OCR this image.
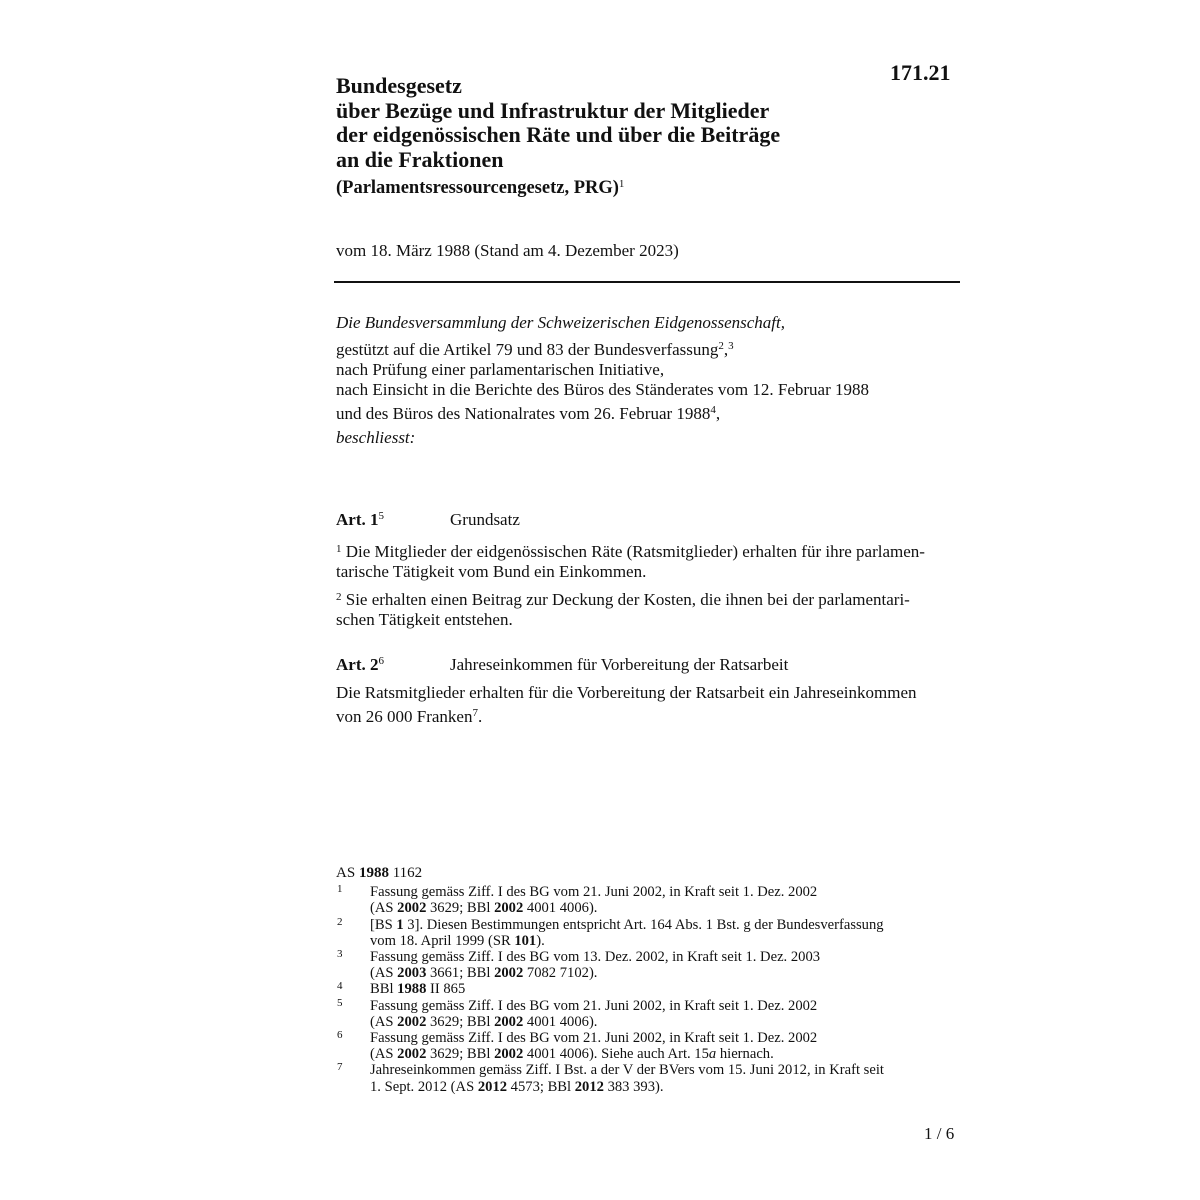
171.21
Bundesgesetz
über Bezüge und Infrastruktur der Mitglieder
der eidgenössischen Räte und über die Beiträge
an die Fraktionen
(Parlamentsressourcengesetz, PRG)$^1$
vom 18. März 1988 (Stand am 4. Dezember 2023)
Die Bundesversammlung der Schweizerischen Eidgenossenschaft,
gestützt auf die Artikel 79 und 83 der Bundesverfassung$^2$,$^3$
nach Prüfung einer parlamentarischen Initiative,
nach Einsicht in die Berichte des Büros des Ständerates vom 12. Februar 1988
und des Büros des Nationalrates vom 26. Februar 1988$^4$,
beschliesst:
Art. $1^5$	Grundsatz
$^1$ Die Mitglieder der eidgenössischen Räte (Ratsmitglieder) erhalten für ihre parlamen-
tarische Tätigkeit vom Bund ein Einkommen.
$^2$ Sie erhalten einen Beitrag zur Deckung der Kosten, die ihnen bei der parlamentari-
schen Tätigkeit entstehen.
Art. $2^6$	Jahreseinkommen für Vorbereitung der Ratsarbeit
Die Ratsmitglieder erhalten für die Vorbereitung der Ratsarbeit ein Jahreseinkommen
von 26 000 Franken$^7$.
AS 1988 1162
1 Fassung gemäss Ziff. I des BG vom 21. Juni 2002, in Kraft seit 1. Dez. 2002
(AS 2002 3629; BBl 2002 4001 4006).
2 [BS 1 3]. Diesen Bestimmungen entspricht Art. 164 Abs. 1 Bst. g der Bundesverfassung
vom 18. April 1999 (SR 101).
3 Fassung gemäss Ziff. I des BG vom 13. Dez. 2002, in Kraft seit 1. Dez. 2003
(AS 2003 3661; BBl 2002 7082 7102).
4 BBl 1988 II 865
5 Fassung gemäss Ziff. I des BG vom 21. Juni 2002, in Kraft seit 1. Dez. 2002
(AS 2002 3629; BBl 2002 4001 4006).
6 Fassung gemäss Ziff. I des BG vom 21. Juni 2002, in Kraft seit 1. Dez. 2002
(AS 2002 3629; BBl 2002 4001 4006). Siehe auch Art. 15a hiernach.
7 Jahreseinkommen gemäss Ziff. I Bst. a der V der BVers vom 15. Juni 2012, in Kraft seit
1. Sept. 2012 (AS 2012 4573; BBl 2012 383 393).
1 / 6
